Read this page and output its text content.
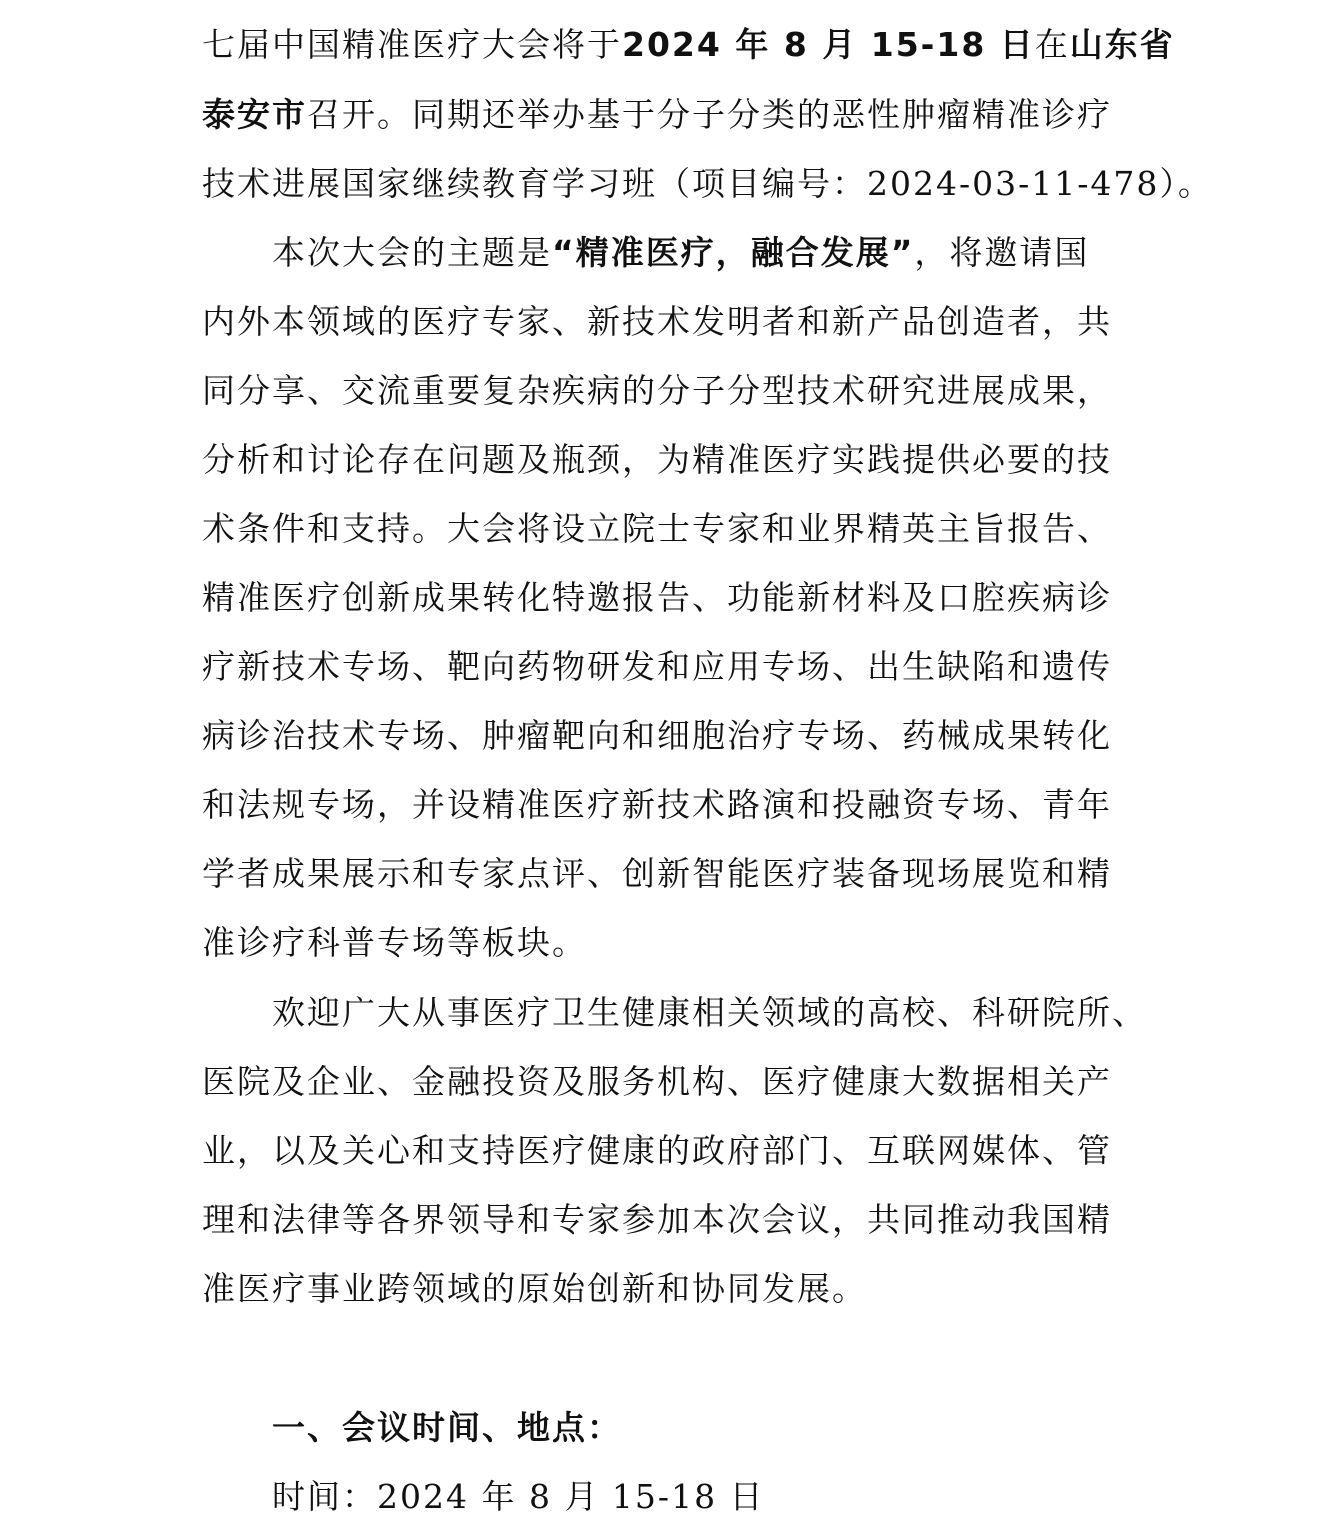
七届中国精准医疗大会将于2024 年 8 月 15-18 日在山东省
泰安市召开。同期还举办基于分子分类的恶性肿瘤精准诊疗
技术进展国家继续教育学习班（项目编号：2024-03-11-478）。
本次大会的主题是“精准医疗，融合发展”，将邀请国
内外本领域的医疗专家、新技术发明者和新产品创造者，共
同分享、交流重要复杂疾病的分子分型技术研究进展成果，
分析和讨论存在问题及瓶颈，为精准医疗实践提供必要的技
术条件和支持。大会将设立院士专家和业界精英主旨报告、
精准医疗创新成果转化特邀报告、功能新材料及口腔疾病诊
疗新技术专场、靶向药物研发和应用专场、出生缺陷和遗传
病诊治技术专场、肿瘤靶向和细胞治疗专场、药械成果转化
和法规专场，并设精准医疗新技术路演和投融资专场、青年
学者成果展示和专家点评、创新智能医疗装备现场展览和精
准诊疗科普专场等板块。
欢迎广大从事医疗卫生健康相关领域的高校、科研院所、
医院及企业、金融投资及服务机构、医疗健康大数据相关产
业，以及关心和支持医疗健康的政府部门、互联网媒体、管
理和法律等各界领导和专家参加本次会议，共同推动我国精
准医疗事业跨领域的原始创新和协同发展。
一、会议时间、地点：
时间：2024 年 8 月 15-18 日
